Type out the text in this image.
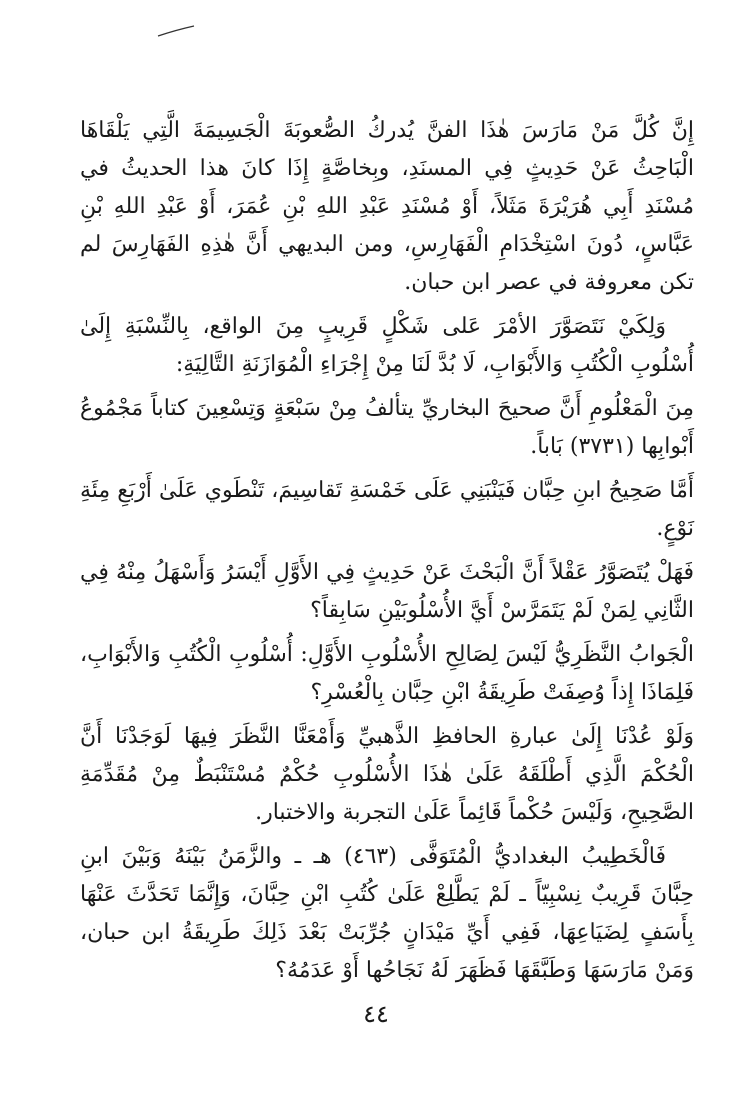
إِنَّ كُلَّ مَنْ مَارَسَ هٰذَا الفنَّ يُدركُ الصُّعوبَةَ الْجَسِيمَةَ الَّتِي يَلْقَاهَا الْبَاحِثُ عَنْ حَدِيثٍ فِي المسنَدِ، وبِخاصَّةٍ إِذَا كانَ هذا الحديثُ في مُسْنَدِ أَبِي هُرَيْرَةَ مَثَلاً، أَوْ مُسْنَدِ عَبْدِ اللهِ بْنِ عُمَرَ، أَوْ عَبْدِ اللهِ بْنِ عَبَّاسٍ، دُونَ اسْتِخْدَامِ الْفَهَارِسِ، ومن البديهي أَنَّ هٰذِهِ الفَهَارِسَ لم تكن معروفة في عصر ابن حبان.

وَلِكَيْ نَتَصَوَّرَ الأمْرَ عَلى شَكْلٍ قَرِيبٍ مِنَ الواقع، بِالنِّسْبَةِ إِلَىٰ أُسْلُوبِ الْكُتُبِ وَالأَبْوَابِ، لَا بُدَّ لَنَا مِنْ إِجْرَاءِ الْمُوَازَنَةِ التَّالِيَةِ:

مِنَ الْمَعْلُومِ أَنَّ صحيحَ البخاريِّ يتألفُ مِنْ سَبْعَةٍ وَتِسْعِينَ كتاباً مَجْمُوعُ أَبْوابِها (٣٧٣١) بَاباً.

أَمَّا صَحِيحُ ابنِ حِبَّان فَيَنْبَنِي عَلَى خَمْسَةِ تَقاسِيمَ، تَنْطَوي عَلَىٰ أَرْبَعِ مِئَةِ نَوْعٍ.

فَهَلْ يُتَصَوَّرُ عَقْلاً أَنَّ الْبَحْثَ عَنْ حَدِيثٍ فِي الأَوَّلِ أَيْسَرُ وَأَسْهَلُ مِنْهُ فِي الثَّانِي لِمَنْ لَمْ يَتَمَرَّسْ أَيَّ الأُسْلُوبَيْنِ سَابِقاً؟

الْجَوابُ النَّظَرِيُّ لَيْسَ لِصَالِحِ الأُسْلُوبِ الأَوَّلِ: أُسْلُوبِ الْكُتُبِ وَالأَبْوَابِ، فَلِمَاذَا إِذاً وُصِفَتْ طَرِيقَةُ ابْنِ حِبَّان بِالْعُسْرِ؟

وَلَوْ عُدْنَا إِلَىٰ عبارةِ الحافظِ الذَّهبيِّ وَأَمْعَنَّا النَّظَرَ فِيهَا لَوَجَدْنَا أَنَّ الْحُكْمَ الَّذِي أَطْلَقَهُ عَلَىٰ هٰذَا الأُسْلُوبِ حُكْمٌ مُسْتَنْبَطٌ مِنْ مُقَدِّمَةِ الصَّحِيحِ، وَلَيْسَ حُكْماً قَائِماً عَلَىٰ التجربة والاختبار.

فَالْخَطِيبُ البغداديُّ الْمُتَوَفَّى (٤٦٣) هـ ـ والزَّمَنُ بَيْنَهُ وَبَيْنَ ابنِ حِبَّانَ قَرِيبٌ نِسْبِيّاً ـ لَمْ يَطَّلِعْ عَلَىٰ كُتُبِ ابْنِ حِبَّانَ، وَإِنَّمَا تَحَدَّثَ عَنْهَا بِأَسَفٍ لِضَيَاعِهَا، فَفِي أَيِّ مَيْدَانٍ جُرِّبَتْ بَعْدَ ذَلِكَ طَرِيقَةُ ابن حبان، وَمَنْ مَارَسَهَا وَطَبَّقَهَا فَظَهَرَ لَهُ نَجَاحُها أَوْ عَدَمُهُ؟

٤٤
